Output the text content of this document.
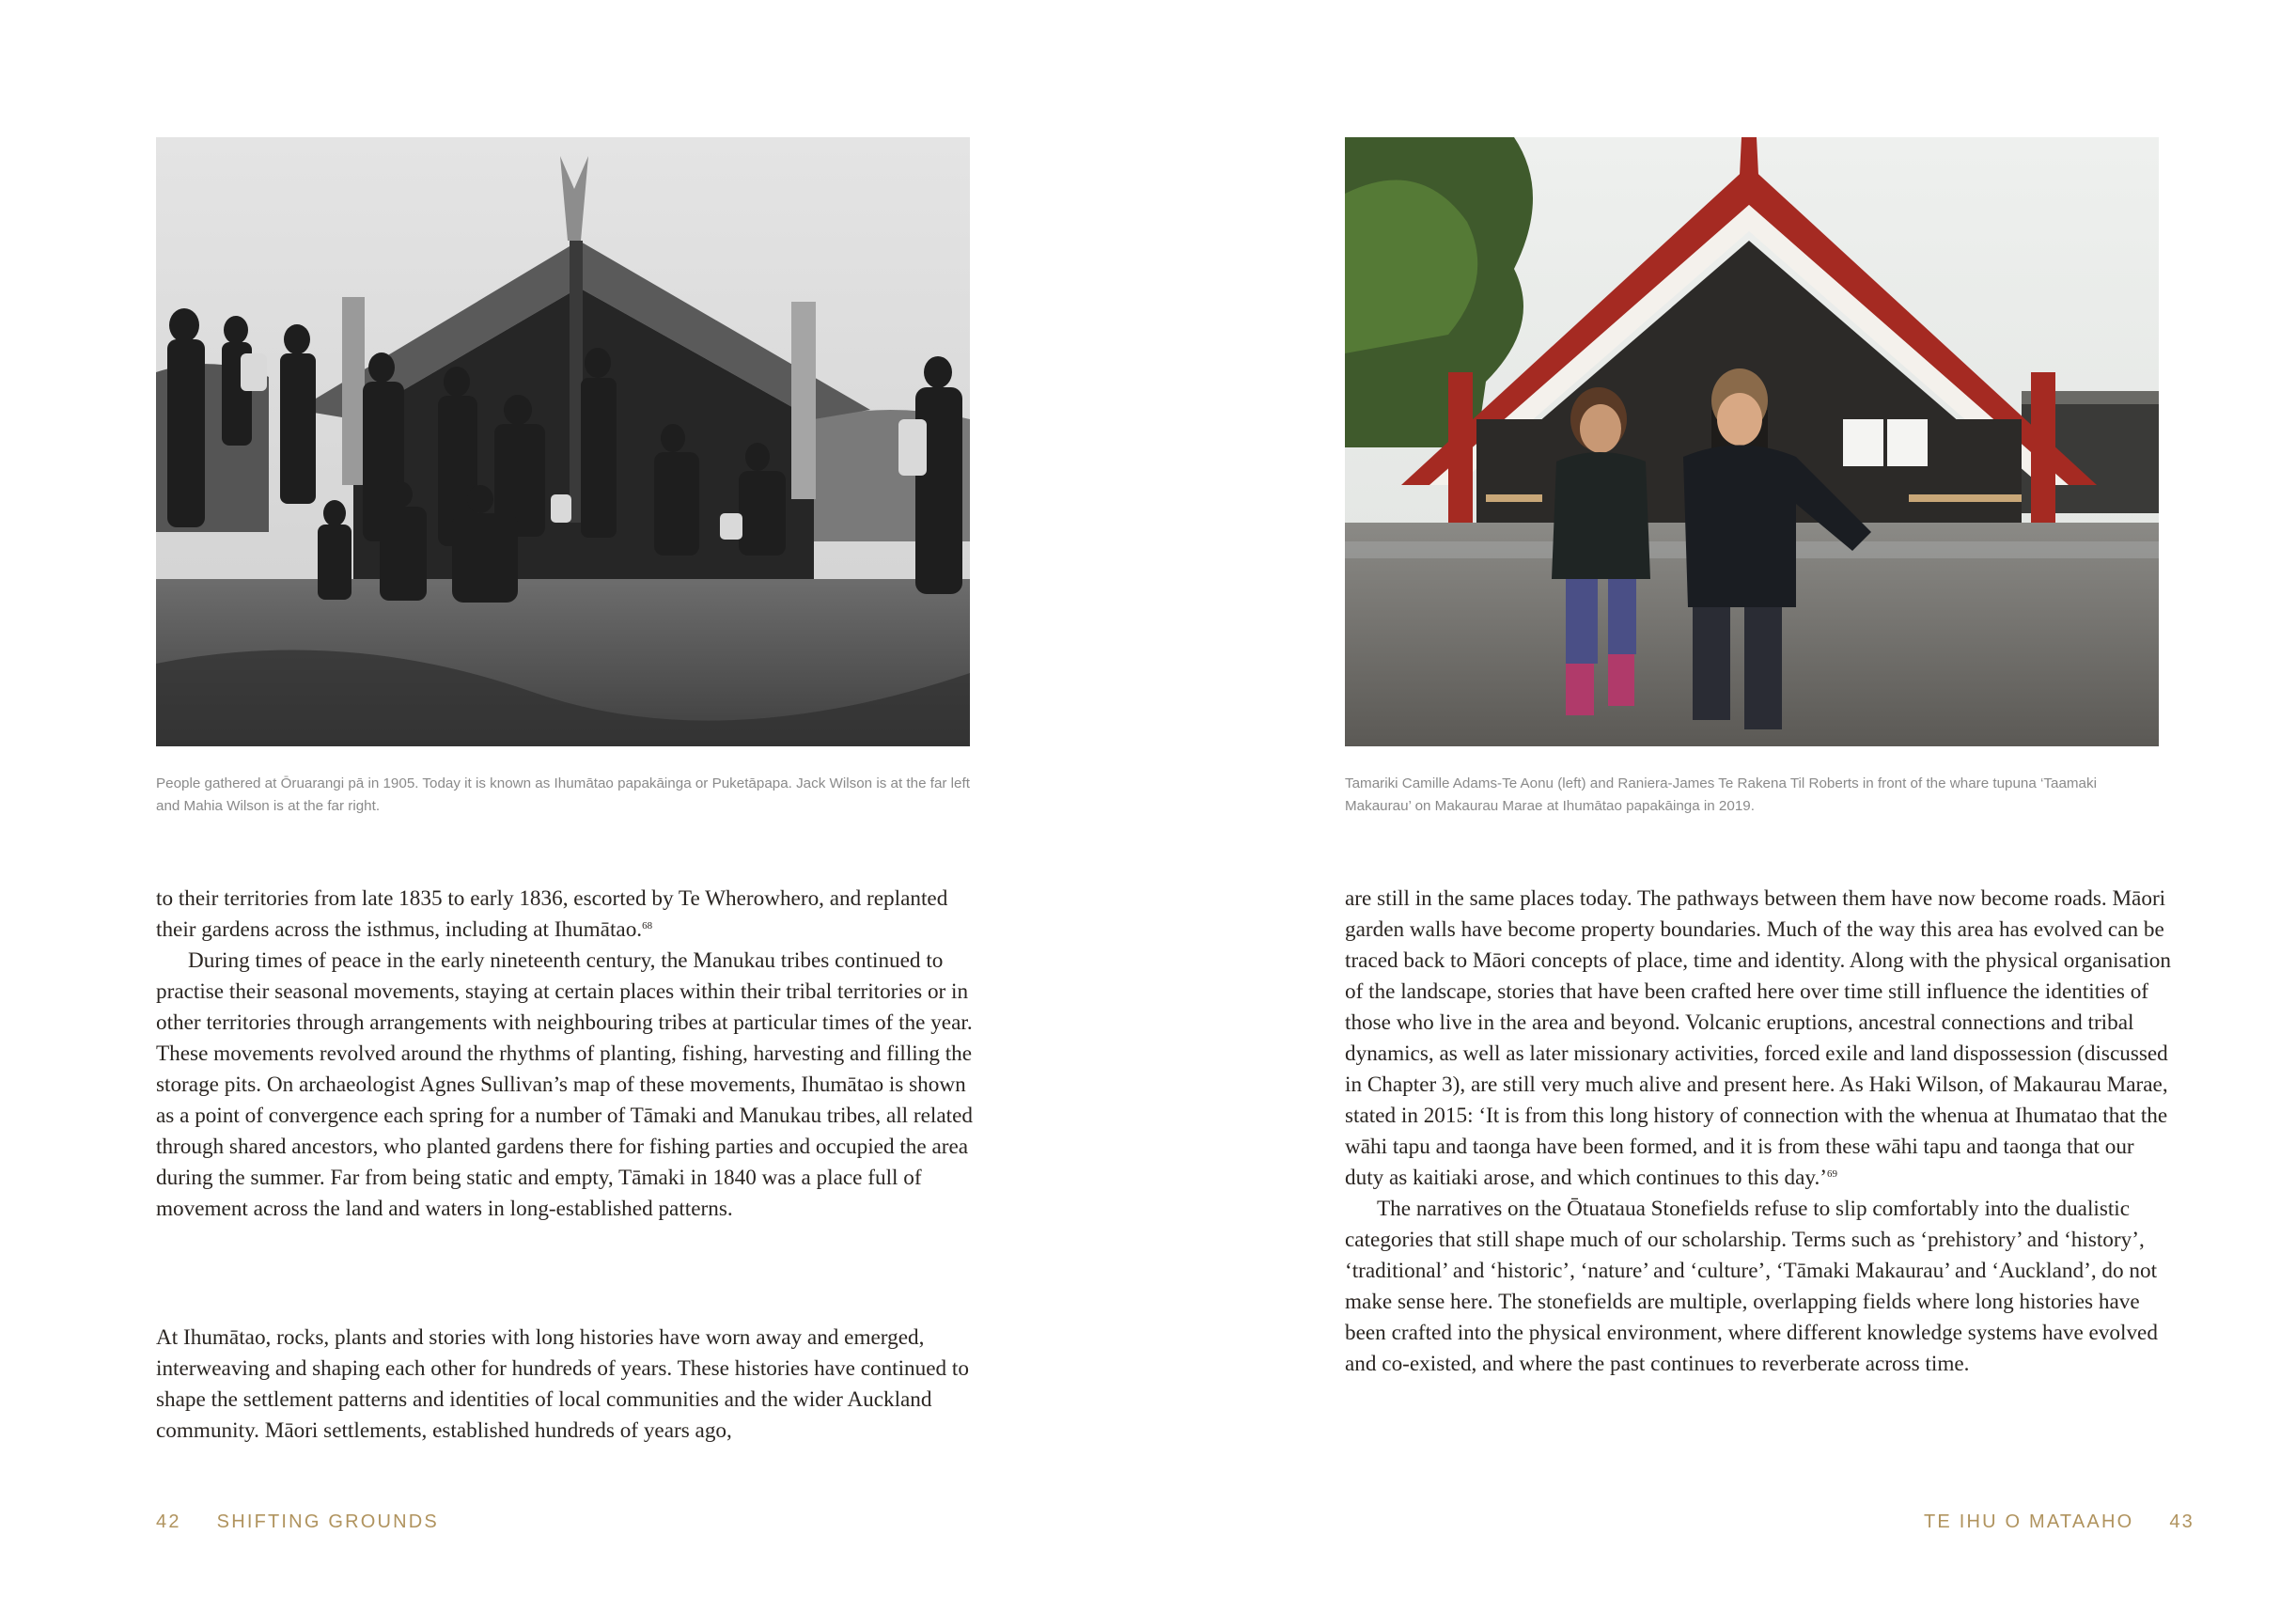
People gathered at Ōruarangi pā in 1905. Today it is known as Ihumātao papakāinga or Puketāpapa. Jack Wilson is at the far left and Mahia Wilson is at the far right.

to their territories from late 1835 to early 1836, escorted by Te Wherowhero, and replanted their gardens across the isthmus, including at Ihumātao.$^{68}$

During times of peace in the early nineteenth century, the Manukau tribes continued to practise their seasonal movements, staying at certain places within their tribal territories or in other territories through arrangements with neighbouring tribes at particular times of the year. These movements revolved around the rhythms of planting, fishing, harvesting and filling the storage pits. On archaeologist Agnes Sullivan’s map of these movements, Ihumātao is shown as a point of convergence each spring for a number of Tāmaki and Manukau tribes, all related through shared ancestors, who planted gardens there for fishing parties and occupied the area during the summer. Far from being static and empty, Tāmaki in 1840 was a place full of movement across the land and waters in long-established patterns.

At Ihumātao, rocks, plants and stories with long histories have worn away and emerged, interweaving and shaping each other for hundreds of years. These histories have continued to shape the settlement patterns and identities of local communities and the wider Auckland community. Māori settlements, established hundreds of years ago,

42 SHIFTING GROUNDS
Tamariki Camille Adams-Te Aonu (left) and Raniera-James Te Rakena Til Roberts in front of the whare tupuna ‘Taamaki Makaurau’ on Makaurau Marae at Ihumātao papakāinga in 2019.

are still in the same places today. The pathways between them have now become roads. Māori garden walls have become property boundaries. Much of the way this area has evolved can be traced back to Māori concepts of place, time and identity. Along with the physical organisation of the landscape, stories that have been crafted here over time still influence the identities of those who live in the area and beyond. Volcanic eruptions, ancestral connections and tribal dynamics, as well as later missionary activities, forced exile and land dispossession (discussed in Chapter 3), are still very much alive and present here. As Haki Wilson, of Makaurau Marae, stated in 2015: ‘It is from this long history of connection with the whenua at Ihumatao that the wāhi tapu and taonga have been formed, and it is from these wāhi tapu and taonga that our duty as kaitiaki arose, and which continues to this day.’$^{69}$

The narratives on the Ōtuataua Stonefields refuse to slip comfortably into the dualistic categories that still shape much of our scholarship. Terms such as ‘prehistory’ and ‘history’, ‘traditional’ and ‘historic’, ‘nature’ and ‘culture’, ‘Tāmaki Makaurau’ and ‘Auckland’, do not make sense here. The stonefields are multiple, overlapping fields where long histories have been crafted into the physical environment, where different knowledge systems have evolved and co-existed, and where the past continues to reverberate across time.

TE IHU O MATAAHO 43
